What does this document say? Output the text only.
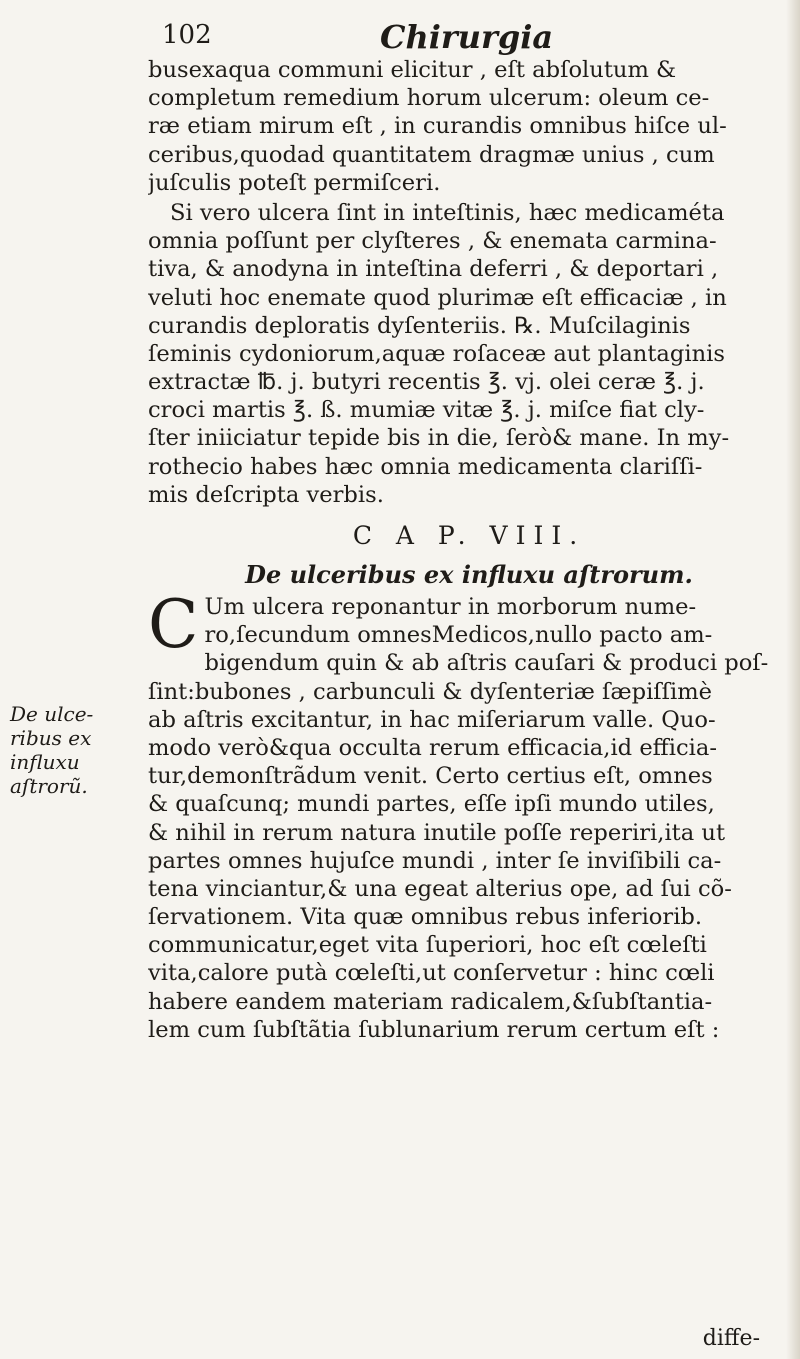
102	Chirurgia
busexaqua communi elicitur , eſt abſolutum &
completum remedium horum ulcerum: oleum ce-
ræ etiam mirum eſt , in curandis omnibus hiſce ul-
ceribus,quodad quantitatem dragmæ unius , cum
juſculis poteſt permiſceri.
Si vero ulcera ſint in inteſtinis, hæc medicaméta
omnia poſſunt per clyſteres , & enemata carmina-
tiva, & anodyna in inteſtina deferri , & deportari ,
veluti hoc enemate quod plurimæ eſt efficaciæ , in
curandis deploratis dyſenteriis. ℞. Muſcilaginis
ſeminis cydoniorum,aquæ roſaceæ aut plantaginis
extractæ ℔. j. butyri recentis ℥. vj. olei ceræ ℥. j.
croci martis ℥. ß. mumiæ vitæ ℥. j. miſce fiat cly-
ſter iniiciatur tepide bis in die, ſerò& mane. In my-
rothecio habes hæc omnia medicamenta clariſſi-
mis deſcripta verbis.
C A P. VIII.
De ulceribus ex influxu aſtrorum.
C Um ulcera reponantur in morborum nume-
ro,ſecundum omnesMedicos,nullo pacto am-
bigendum quin & ab aſtris cauſari & produci poſ-
ſint:bubones , carbunculi & dyſenteriæ ſæpiſſimè
ab aſtris excitantur, in hac miſeriarum valle. Quo-
modo verò&qua occulta rerum efficacia,id efficia-
tur,demonſtrãdum venit. Certo certius eſt, omnes
& quaſcunq; mundi partes, eſſe ipſi mundo utiles,
& nihil in rerum natura inutile poſſe reperiri,ita ut
partes omnes hujuſce mundi , inter ſe inviſibili ca-
tena vinciantur,& una egeat alterius ope, ad ſui cõ-
ſervationem. Vita quæ omnibus rebus inferiorib.
communicatur,eget vita ſuperiori, hoc eſt cœleſti
vita,calore putà cœleſti,ut conſervetur : hinc cœli
habere eandem materiam radicalem,&ſubſtantia-
lem cum ſubſtãtia ſublunarium rerum certum eſt :
De ulce-
ribus ex
influxu
aſtrorũ.
diffe-
